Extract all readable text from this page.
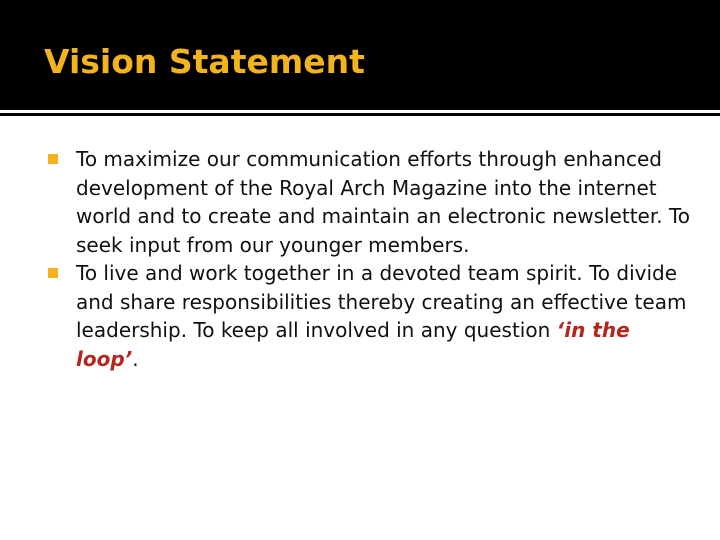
Vision Statement
To maximize our communication efforts through enhanced development of the Royal Arch Magazine into the internet world and to create and maintain an electronic newsletter. To seek input from our younger members.
To live and work together in a devoted team spirit. To divide and share responsibilities thereby creating an effective team leadership. To keep all involved in any question ‘in the loop’.
